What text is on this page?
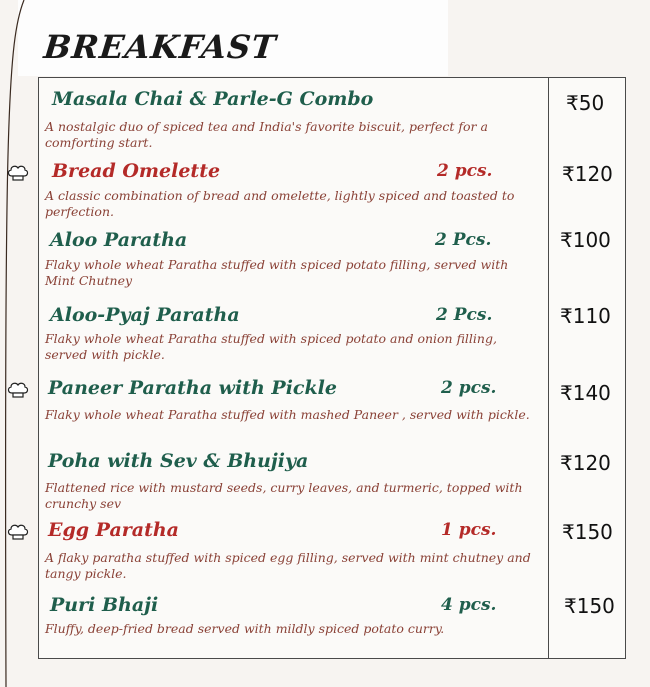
BREAKFAST
Masala Chai & Parle-G Combo	₹50
A nostalgic duo of spiced tea and India's favorite biscuit, perfect for a comforting start.
Bread Omelette	2 pcs.	₹120
A classic combination of bread and omelette, lightly spiced and toasted to perfection.
Aloo Paratha	2 Pcs.	₹100
Flaky whole wheat Paratha stuffed with spiced potato filling, served with Mint Chutney
Aloo-Pyaj Paratha	2 Pcs.	₹110
Flaky whole wheat Paratha stuffed with spiced potato and onion filling, served with pickle.
Paneer Paratha with Pickle	2 pcs.	₹140
Flaky whole wheat Paratha stuffed with mashed Paneer , served with pickle.
Poha with Sev & Bhujiya	₹120
Flattened rice with mustard seeds, curry leaves, and turmeric, topped with crunchy sev
Egg Paratha	1 pcs.	₹150
A flaky paratha stuffed with spiced egg filling, served with mint chutney and tangy pickle.
Puri Bhaji	4 pcs.	₹150
Fluffy, deep-fried bread served with mildly spiced potato curry.
